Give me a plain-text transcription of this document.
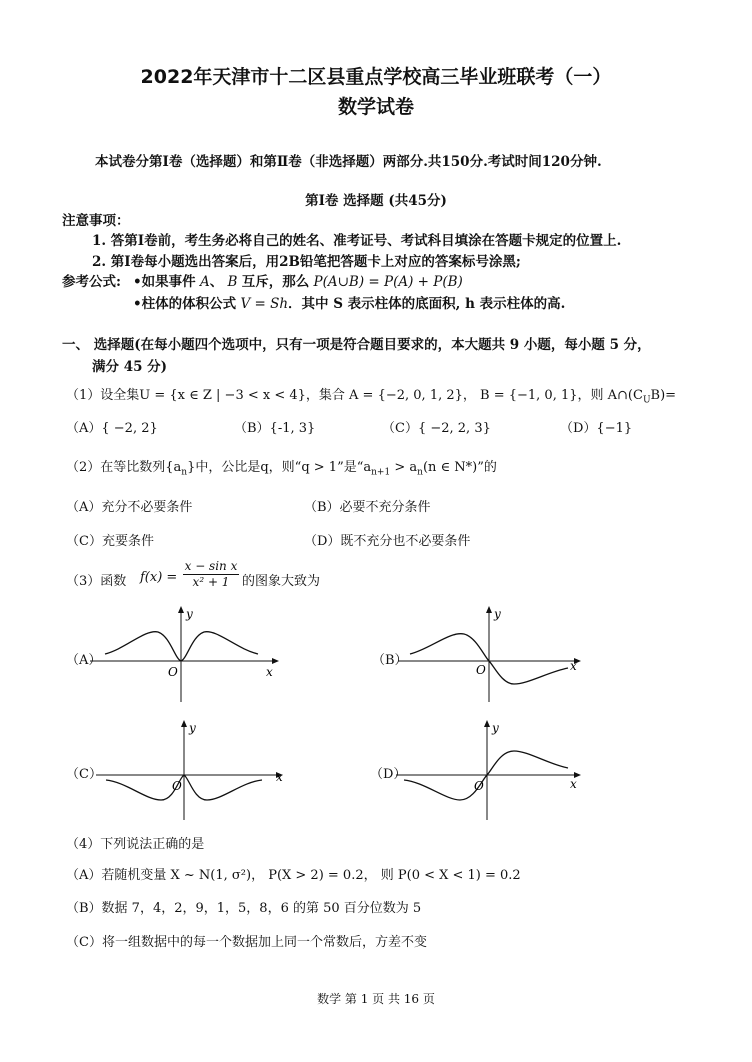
2022年天津市十二区县重点学校高三毕业班联考（一）
数学试卷
本试卷分第Ⅰ卷（选择题）和第Ⅱ卷（非选择题）两部分.共150分.考试时间120分钟.
第Ⅰ卷 选择题 (共45分)
注意事项：
1. 答第Ⅰ卷前，考生务必将自己的姓名、准考证号、考试科目填涂在答题卡规定的位置上.
2. 第Ⅰ卷每小题选出答案后，用2B铅笔把答题卡上对应的答案标号涂黑;
参考公式: •如果事件 A、 B 互斥，那么 P(A∪B) = P(A) + P(B)
•柱体的体积公式 V = Sh．其中 S 表示柱体的底面积, h 表示柱体的高.
一、 选择题(在每小题四个选项中，只有一项是符合题目要求的，本大题共 9 小题，每小题 5 分，
满分 45 分)
（1）设全集U = {x ∈ Z | −3 < x < 4}，集合 A = {−2, 0, 1, 2}， B = {−1, 0, 1}，则 $A\cap(C_UB)=$
（A）{ −2, 2}	（B）{-1, 3}	（C）{ −2, 2, 3}	（D）{−1}
（2）在等比数列$\{a_n\}$中，公比是q，则“q > 1”是“$a_{n+1} > a_n(n$ ∈ N*)”的
（A）充分不必要条件	（B）必要不充分条件
（C）充要条件	（D）既不充分也不必要条件
（3）函数 $f(x) = \frac{\text{x − sin x}}{\text{x² + 1}}$ 的图象大致为
（A）	（B）
（C）	（D）
y
x
O
y
x
O
y
x
O
y
x
O
（4）下列说法正确的是
（A）若随机变量 X ~ N(1, σ²)， P(X > 2) = 0.2， 则 P(0 < X < 1) = 0.2
（B）数据 7，4，2，9，1，5，8，6 的第 50 百分位数为 5
（C）将一组数据中的每一个数据加上同一个常数后，方差不变
数学 第 1 页 共 16 页
